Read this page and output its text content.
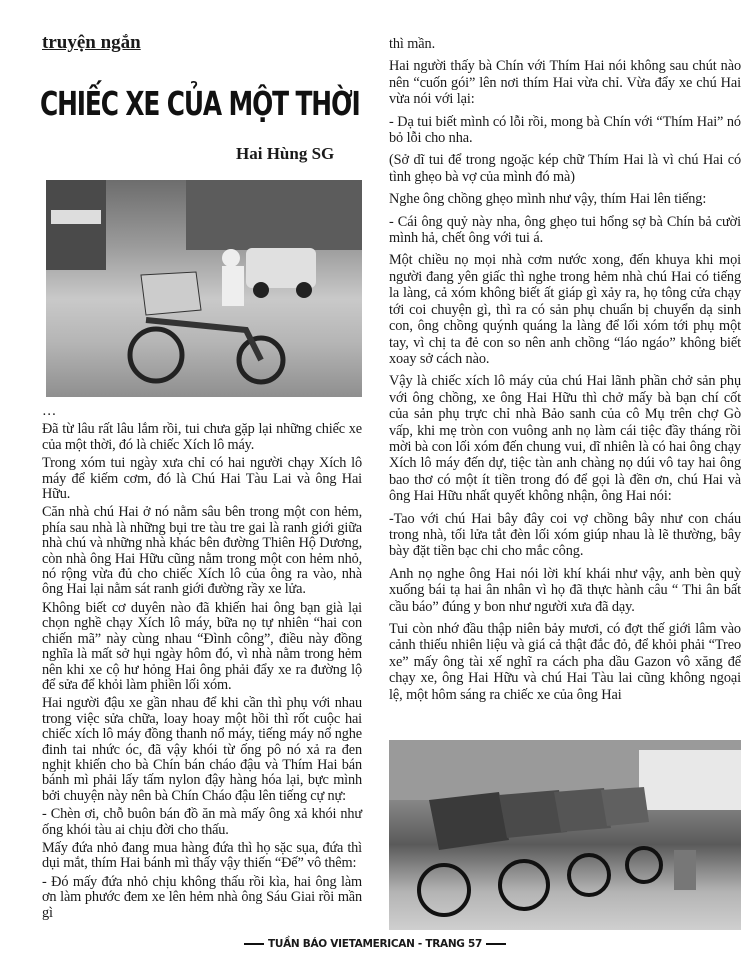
truyện ngắn
CHIẾC XE CỦA MỘT THỜI
Hai Hùng SG

…

Đã từ lâu rất lâu lắm rồi, tui chưa gặp lại những chiếc xe của một thời, đó là chiếc Xích lô máy.

Trong xóm tui ngày xưa chỉ có hai người chạy Xích lô máy để kiếm cơm, đó là Chú Hai Tàu Lai và ông Hai Hữu.

Căn nhà chú Hai ở nó nằm sâu bên trong một con hẻm, phía sau nhà là những bụi tre tàu tre gai là ranh giới giữa nhà chú và những nhà khác bên đường Thiên Hộ Dương, còn nhà ông Hai Hữu cũng nằm trong một con hẻm nhỏ, nó rộng vừa đủ cho chiếc Xích lô của ông ra vào, nhà ông Hai lại nằm sát ranh giới đường rầy xe lửa.

Không biết cơ duyên nào đã khiến hai ông bạn già lại chọn nghề chạy Xích lô máy, bữa nọ tự nhiên “hai con chiến mã” này cùng nhau “Đình công”, điều này đồng nghĩa là mất sở hụi ngày hôm đó, vì nhà nằm trong hẻm nên khi xe cộ hư hỏng Hai ông phải đẩy xe ra đường lộ để sửa để khỏi làm phiền lối xóm.

Hai người đậu xe gần nhau để khi cần thì phụ với nhau trong việc sửa chữa, loay hoay một hồi thì rốt cuộc hai chiếc xích lô máy đồng thanh nổ máy, tiếng máy nổ nghe đinh tai nhức óc, đã vậy khói từ ống pô nó xả ra đen nghịt khiến cho bà Chín bán cháo đậu và Thím Hai bán bánh mì phải lấy tấm nylon đậy hàng hóa lại, bực mình bởi chuyện này nên bà Chín Cháo đậu lên tiếng cự nự:

- Chèn ơi, chỗ buôn bán đồ ăn mà mấy ông xả khói như ống khói tàu ai chịu đời cho thấu.

Mấy đứa nhỏ đang mua hàng đứa thì họ sặc sụa, đứa thì dụi mắt, thím Hai bánh mì thấy vậy thiến “Đế” vô thêm:

- Đó mấy đứa nhỏ chịu không thấu rồi kìa, hai ông làm ơn làm phước đem xe lên hẻm nhà ông Sáu Giai rồi mần gì

thì mần.

Hai người thấy bà Chín với Thím Hai nói không sau chút nào nên “cuốn gói” lên nơi thím Hai vừa chỉ. Vừa đẩy xe chú Hai vừa nói với lại:

- Dạ tui biết mình có lỗi rồi, mong bà Chín với “Thím Hai” nó bỏ lỗi cho nha.

(Sở dĩ tui để trong ngoặc kép chữ Thím Hai là vì chú Hai có tình ghẹo bà vợ của mình đó mà)

Nghe ông chồng ghẹo mình như vậy, thím Hai lên tiếng:

- Cái ông quỷ này nha, ông ghẹo tui hổng sợ bà Chín bả cười mình hả, chết ông với tui á.

Một chiều nọ mọi nhà cơm nước xong, đến khuya khi mọi người đang yên giấc thì nghe trong hẻm nhà chú Hai có tiếng la làng, cả xóm không biết ất giáp gì xảy ra, họ tông cửa chạy tới coi chuyện gì, thì ra có sản phụ chuẩn bị chuyển dạ sinh con, ông chồng quýnh quáng la làng để lối xóm tới phụ một tay, vì chị ta đẻ con so nên anh chồng “láo ngáo” không biết xoay sở cách nào.

Vậy là chiếc xích lô máy của chú Hai lãnh phần chở sản phụ với ông chồng, xe ông Hai Hữu thì chở mấy bà bạn chí cốt của sản phụ trực chỉ nhà Bảo sanh của cô Mụ trên chợ Gò vấp, khi mẹ tròn con vuông anh nọ làm cái tiệc đầy tháng rồi mời bà con lối xóm đến chung vui, dĩ nhiên là có hai ông chạy Xích lô máy đến dự, tiệc tàn anh chàng nọ dúi vô tay hai ông bao thơ có một ít tiền trong đó để gọi là đền ơn, chú Hai và ông Hai Hữu nhất quyết không nhận, ông Hai nói:

-Tao với chú Hai bây đây coi vợ chồng bây như con cháu trong nhà, tối lửa tắt đèn lối xóm giúp nhau là lẽ thường, bây bày đặt tiền bạc chi cho mắc công.

Anh nọ nghe ông Hai nói lời khí khái như vậy, anh bèn quỳ xuống bái tạ hai ân nhân vì họ đã thực hành câu “ Thi ân bất cầu báo” đúng y bon như người xưa đã dạy.

Tui còn nhớ đầu thập niên bảy mươi, có đợt thế giới lâm vào cảnh thiếu nhiên liệu và giá cả thật đắc đỏ, để khỏi phải “Treo xe” mấy ông tài xế nghĩ ra cách pha dầu Gazon vô xăng để chạy xe, ông Hai Hữu và chú Hai Tàu lai cũng không ngoại lệ, một hôm sáng ra chiếc xe của ông Hai

TUẦN BÁO VIETAMERICAN - TRANG 57
